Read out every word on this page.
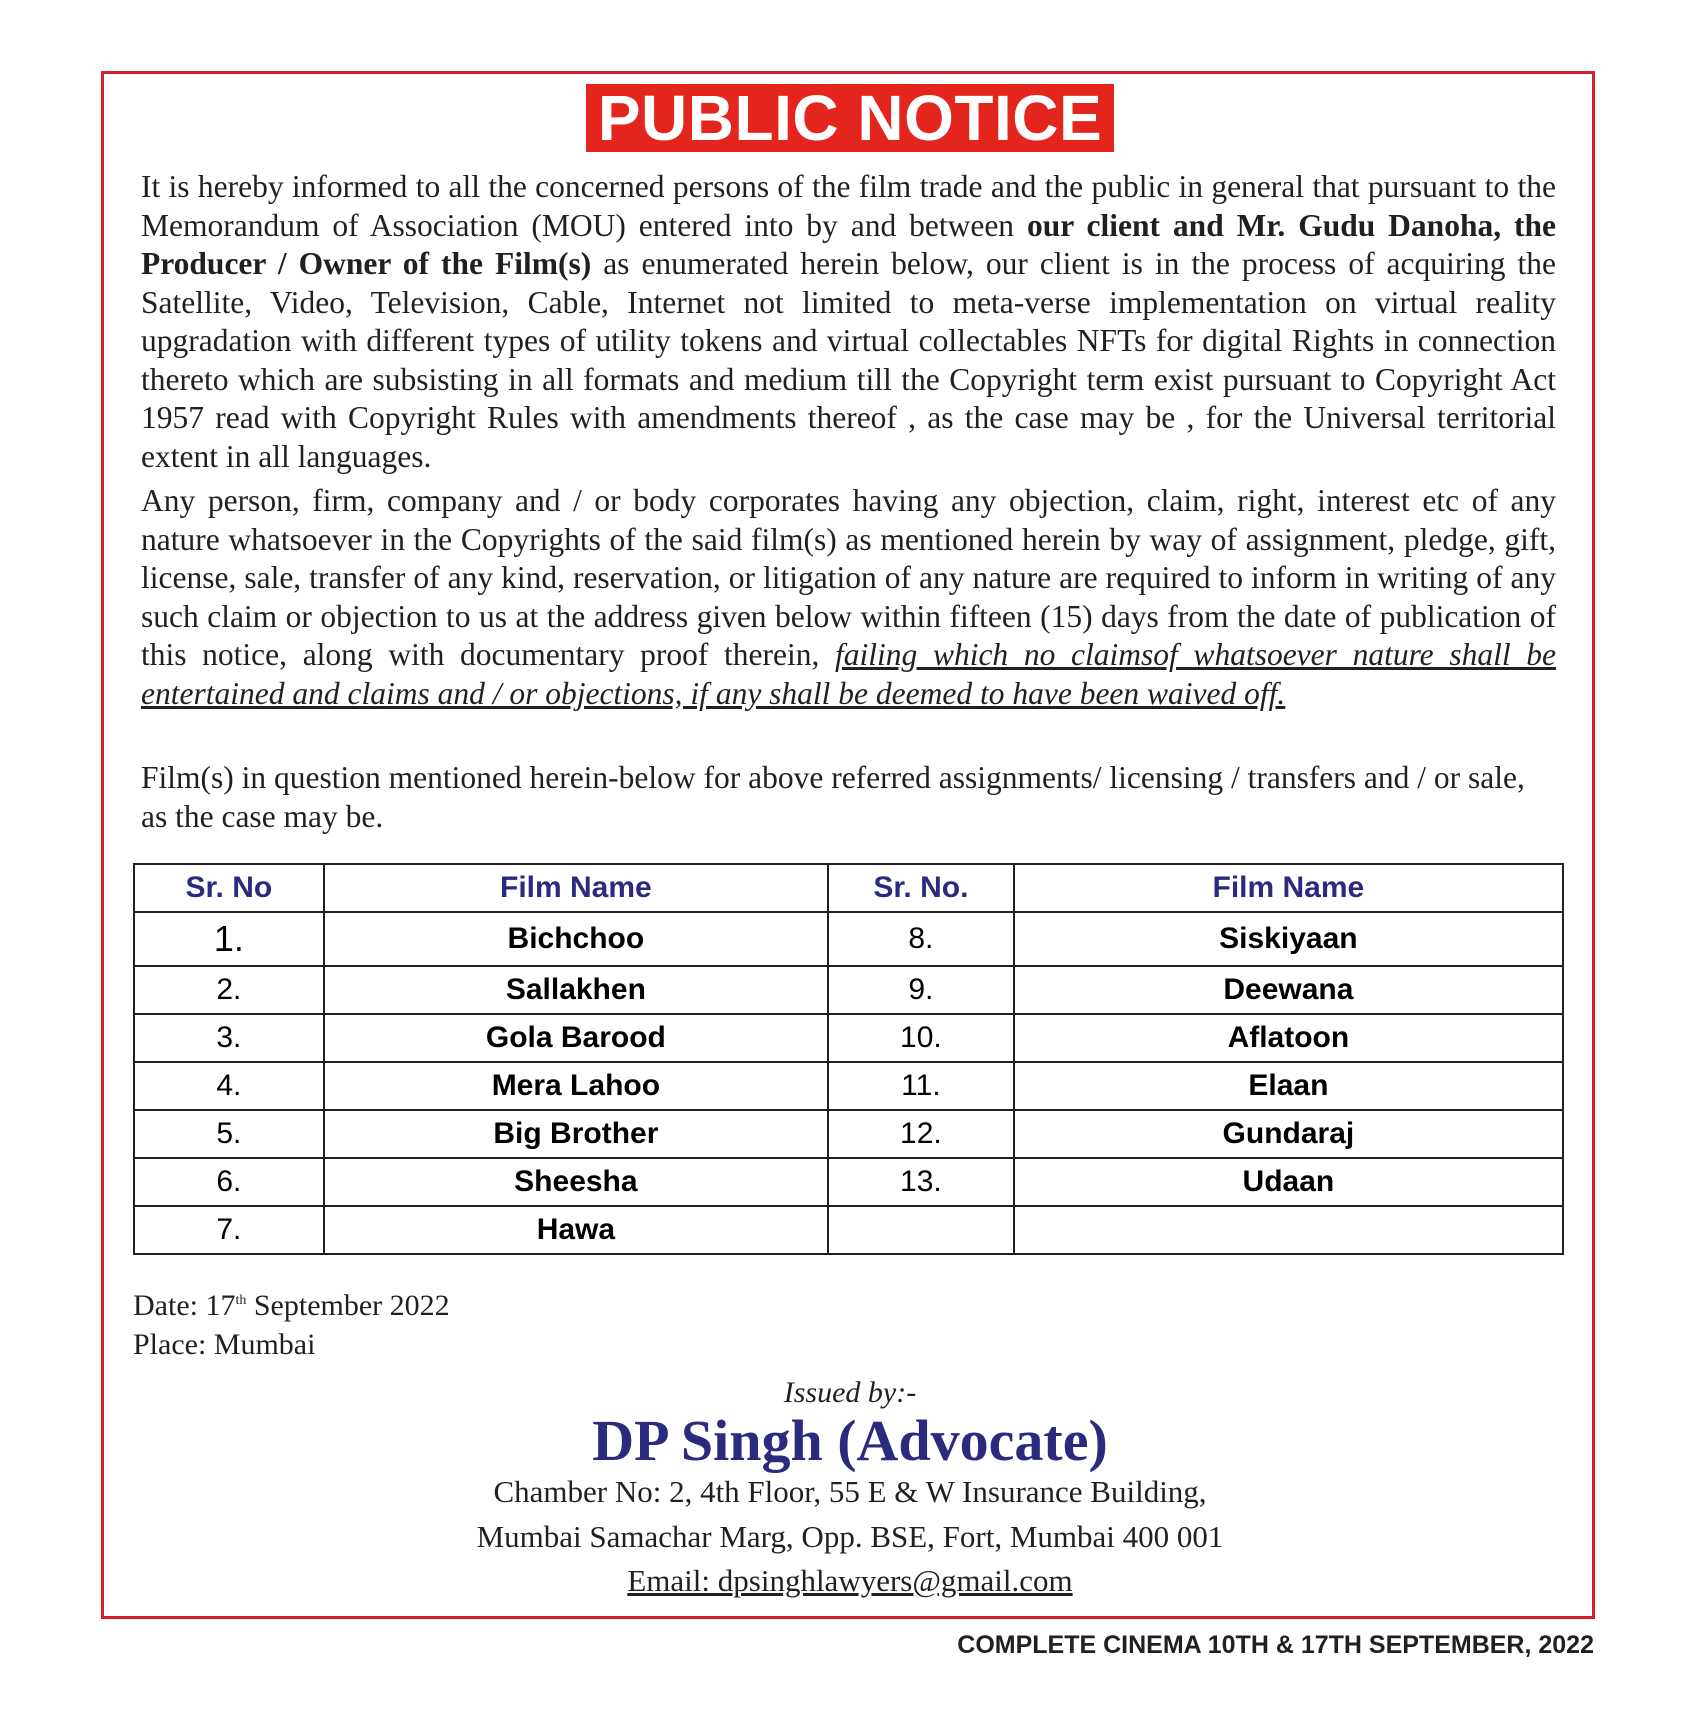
PUBLIC NOTICE

It is hereby informed to all the concerned persons of the film trade and the public in general that pursuant to the Memorandum of Association (MOU) entered into by and between our client and Mr. Gudu Danoha, the Producer / Owner of the Film(s) as enumerated herein below, our client is in the process of acquiring the Satellite, Video, Television, Cable, Internet not limited to meta-verse implementation on virtual reality upgradation with different types of utility tokens and virtual collectables NFTs for digital Rights in connection thereto which are subsisting in all formats and medium till the Copyright term exist pursuant to Copyright Act 1957 read with Copyright Rules with amendments thereof , as the case may be , for the Universal territorial extent in all languages.

Any person, firm, company and / or body corporates having any objection, claim, right, interest etc of any nature whatsoever in the Copyrights of the said film(s) as mentioned herein by way of assignment, pledge, gift, license, sale, transfer of any kind, reservation, or litigation of any nature are required to inform in writing of any such claim or objection to us at the address given below within fifteen (15) days from the date of publication of this notice, along with documentary proof therein, failing which no claimsof whatsoever nature shall be entertained and claims and / or objections, if any shall be deemed to have been waived off.

Film(s) in question mentioned herein-below for above referred assignments/ licensing / transfers and / or sale, as the case may be.

Sr. No	Film Name	Sr. No.	Film Name
1.	Bichchoo	8.	Siskiyaan
2.	Sallakhen	9.	Deewana
3.	Gola Barood	10.	Aflatoon
4.	Mera Lahoo	11.	Elaan
5.	Big Brother	12.	Gundaraj
6.	Sheesha	13.	Udaan
7.	Hawa		
Date: 17th September 2022
Place: Mumbai
Issued by:-
DP Singh (Advocate)
Chamber No: 2, 4th Floor, 55 E & W Insurance Building,
Mumbai Samachar Marg, Opp. BSE, Fort, Mumbai 400 001
Email: dpsinghlawyers@gmail.com
COMPLETE CINEMA 10TH & 17TH SEPTEMBER, 2022
